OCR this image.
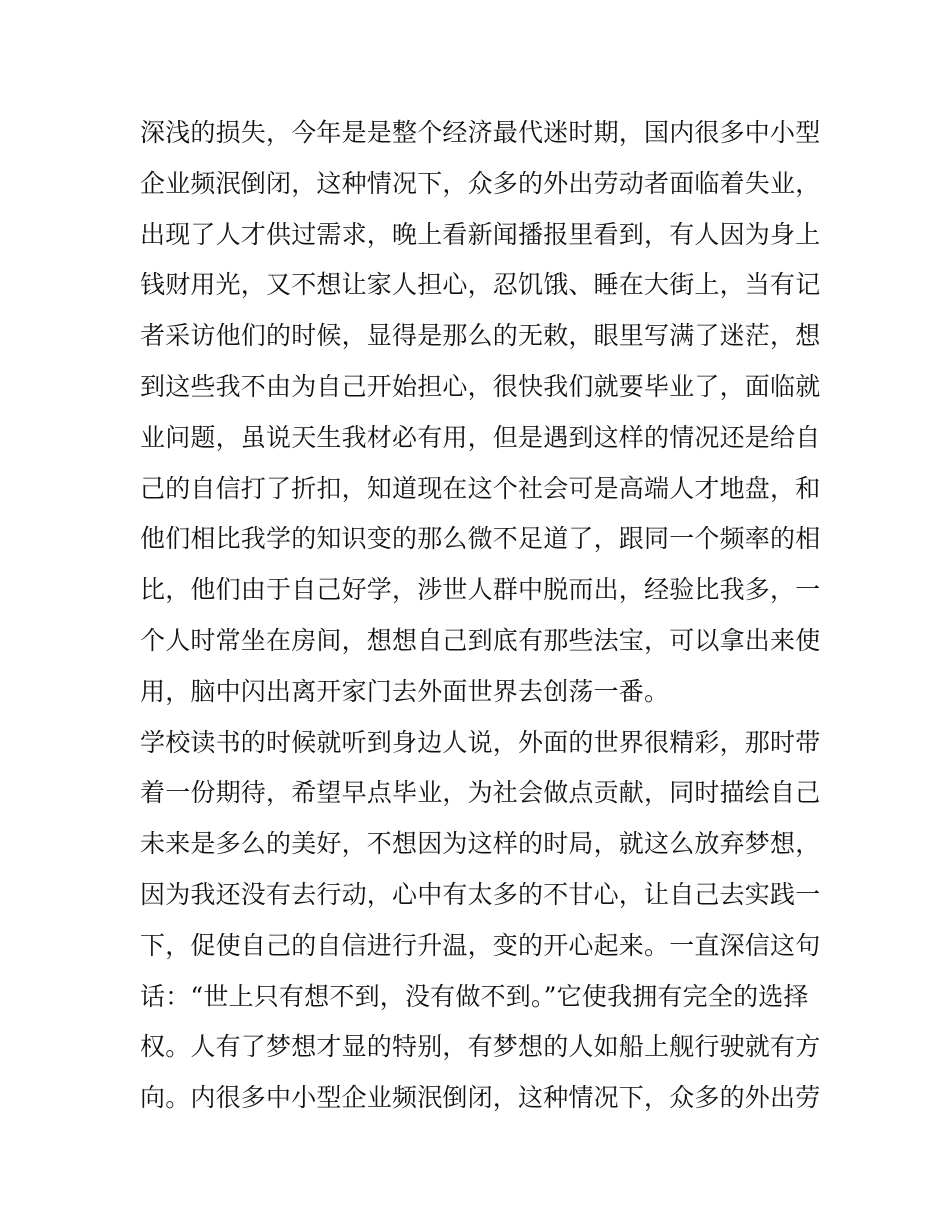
深浅的损失，今年是是整个经济最代迷时期，国内很多中小型
企业频泯倒闭，这种情况下，众多的外出劳动者面临着失业，
出现了人才供过需求，晚上看新闻播报里看到，有人因为身上
钱财用光，又不想让家人担心，忍饥饿、睡在大街上，当有记
者采访他们的时候，显得是那么的无敕，眼里写满了迷茫，想
到这些我不由为自己开始担心，很快我们就要毕业了，面临就
业问题，虽说天生我材必有用，但是遇到这样的情况还是给自
己的自信打了折扣，知道现在这个社会可是高端人才地盘，和
他们相比我学的知识变的那么微不足道了，跟同一个频率的相
比，他们由于自己好学，涉世人群中脱而出，经验比我多，一
个人时常坐在房间，想想自己到底有那些法宝，可以拿出来使
用，脑中闪出离开家门去外面世界去创荡一番。
学校读书的时候就听到身边人说，外面的世界很精彩，那时带
着一份期待，希望早点毕业，为社会做点贡献，同时描绘自己
未来是多么的美好，不想因为这样的时局，就这么放弃梦想，
因为我还没有去行动，心中有太多的不甘心，让自己去实践一
下，促使自己的自信进行升温，变的开心起来。一直深信这句
话：“世上只有想不到，没有做不到。”它使我拥有完全的选择
权。人有了梦想才显的特别，有梦想的人如船上舰行驶就有方
向。内很多中小型企业频泯倒闭，这种情况下，众多的外出劳
